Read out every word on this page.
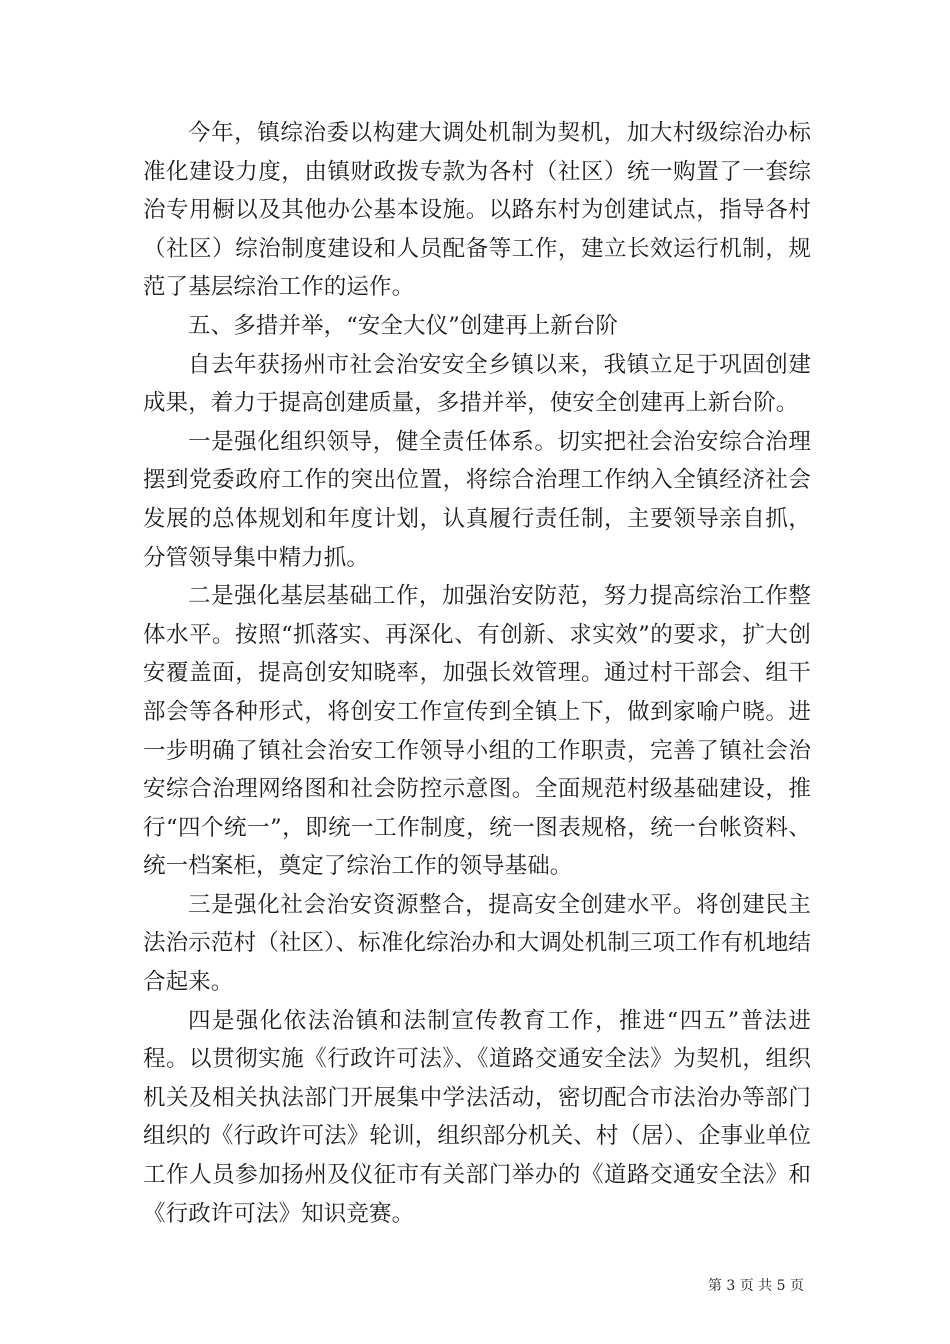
今年，镇综治委以构建大调处机制为契机，加大村级综治办标准化建设力度，由镇财政拨专款为各村（社区）统一购置了一套综治专用橱以及其他办公基本设施。以路东村为创建试点，指导各村（社区）综治制度建设和人员配备等工作，建立长效运行机制，规范了基层综治工作的运作。

五、多措并举，“安全大仪”创建再上新台阶

自去年获扬州市社会治安安全乡镇以来，我镇立足于巩固创建成果，着力于提高创建质量，多措并举，使安全创建再上新台阶。

一是强化组织领导，健全责任体系。切实把社会治安综合治理摆到党委政府工作的突出位置，将综合治理工作纳入全镇经济社会发展的总体规划和年度计划，认真履行责任制，主要领导亲自抓，分管领导集中精力抓。

二是强化基层基础工作，加强治安防范，努力提高综治工作整体水平。按照“抓落实、再深化、有创新、求实效”的要求，扩大创安覆盖面，提高创安知晓率，加强长效管理。通过村干部会、组干部会等各种形式，将创安工作宣传到全镇上下，做到家喻户晓。进一步明确了镇社会治安工作领导小组的工作职责，完善了镇社会治安综合治理网络图和社会防控示意图。全面规范村级基础建设，推行“四个统一”，即统一工作制度，统一图表规格，统一台帐资料、统一档案柜，奠定了综治工作的领导基础。

三是强化社会治安资源整合，提高安全创建水平。将创建民主法治示范村（社区）、标准化综治办和大调处机制三项工作有机地结合起来。

四是强化依法治镇和法制宣传教育工作，推进“四五”普法进程。以贯彻实施《行政许可法》、《道路交通安全法》为契机，组织机关及相关执法部门开展集中学法活动，密切配合市法治办等部门组织的《行政许可法》轮训，组织部分机关、村（居）、企事业单位工作人员参加扬州及仪征市有关部门举办的《道路交通安全法》和《行政许可法》知识竞赛。

第 3 页 共 5 页
